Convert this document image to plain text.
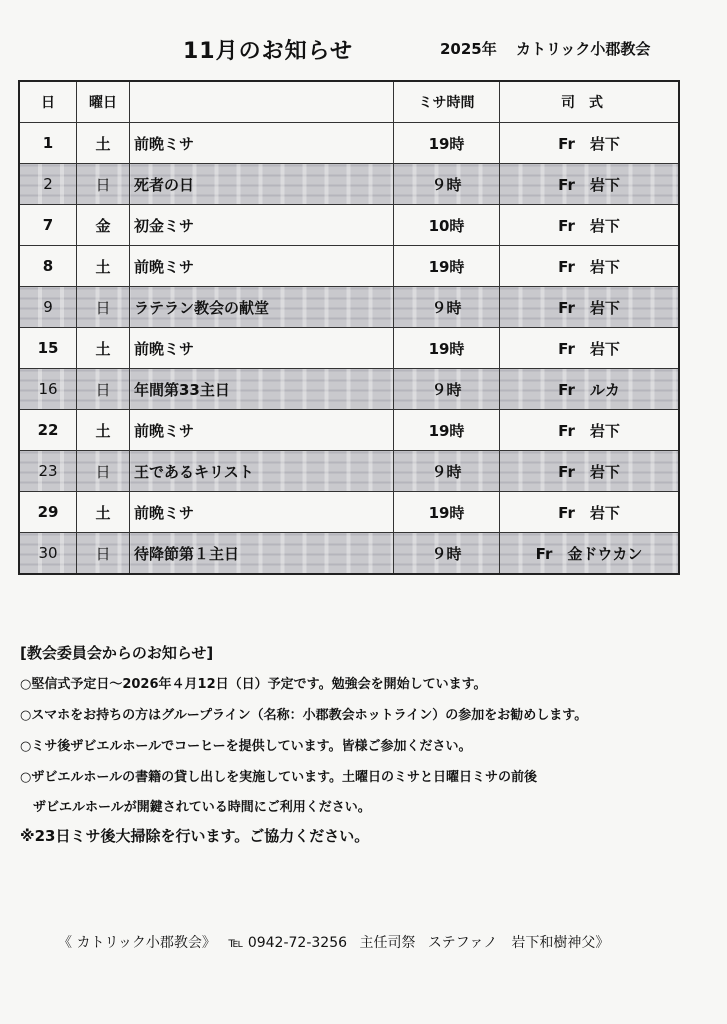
11月のお知らせ	2025年 カトリック小郡教会
日	曜日		ミサ時間	司式
1	土	前晩ミサ	19時	Fr　岩下
2	日	死者の日	９時	Fr　岩下
7	金	初金ミサ	10時	Fr　岩下
8	土	前晩ミサ	19時	Fr　岩下
9	日	ラテラン教会の献堂	９時	Fr　岩下
15	土	前晩ミサ	19時	Fr　岩下
16	日	年間第33主日	９時	Fr　ルカ
22	土	前晩ミサ	19時	Fr　岩下
23	日	王であるキリスト	９時	Fr　岩下
29	土	前晩ミサ	19時	Fr　岩下
30	日	待降節第１主日	９時	Fr　金ドウカン
[教会委員会からのお知らせ]
○堅信式予定日～2026年４月12日（日）予定です。勉強会を開始しています。
○スマホをお持ちの方はグループライン（名称：小郡教会ホットライン）の参加をお勧めします。
○ミサ後ザビエルホールでコーヒーを提供しています。皆様ご参加ください。
○ザビエルホールの書籍の貸し出しを実施しています。土曜日のミサと日曜日ミサの前後
ザビエルホールが開鍵されている時間にご利用ください。
※23日ミサ後大掃除を行います。ご協力ください。
《 カトリック小郡教会》 ℡ 0942-72-3256 主任司祭 ステファノ　岩下和樹神父》
